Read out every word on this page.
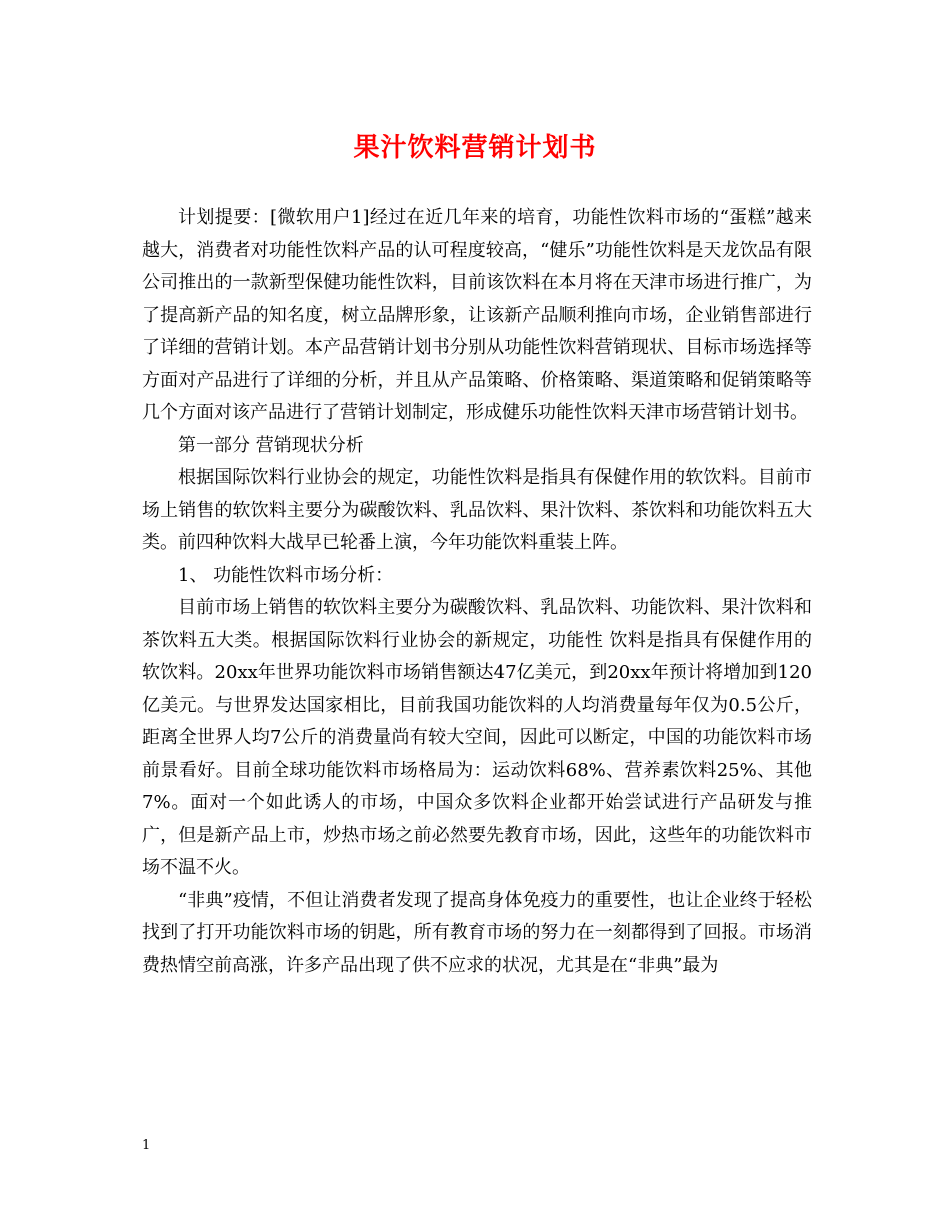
果汁饮料营销计划书

计划提要：[微软用户1]经过在近几年来的培育，功能性饮料市场的“蛋糕”越来越大，消费者对功能性饮料产品的认可程度较高，“健乐”功能性饮料是天龙饮品有限公司推出的一款新型保健功能性饮料，目前该饮料在本月将在天津市场进行推广，为了提高新产品的知名度，树立品牌形象，让该新产品顺利推向市场，企业销售部进行了详细的营销计划。本产品营销计划书分别从功能性饮料营销现状、目标市场选择等方面对产品进行了详细的分析，并且从产品策略、价格策略、渠道策略和促销策略等几个方面对该产品进行了营销计划制定，形成健乐功能性饮料天津市场营销计划书。

第一部分 营销现状分析

根据国际饮料行业协会的规定，功能性饮料是指具有保健作用的软饮料。目前市场上销售的软饮料主要分为碳酸饮料、乳品饮料、果汁饮料、茶饮料和功能饮料五大类。前四种饮料大战早已轮番上演，今年功能饮料重装上阵。

1、 功能性饮料市场分析：

目前市场上销售的软饮料主要分为碳酸饮料、乳品饮料、功能饮料、果汁饮料和茶饮料五大类。根据国际饮料行业协会的新规定，功能性 饮料是指具有保健作用的软饮料。20xx年世界功能饮料市场销售额达47亿美元，到20xx年预计将增加到120亿美元。与世界发达国家相比，目前我国功能饮料的人均消费量每年仅为0.5公斤，距离全世界人均7公斤的消费量尚有较大空间，因此可以断定，中国的功能饮料市场前景看好。目前全球功能饮料市场格局为：运动饮料68%、营养素饮料25%、其他7%。面对一个如此诱人的市场，中国众多饮料企业都开始尝试进行产品研发与推广，但是新产品上市，炒热市场之前必然要先教育市场，因此，这些年的功能饮料市场不温不火。

“非典”疫情，不但让消费者发现了提高身体免疫力的重要性，也让企业终于轻松找到了打开功能饮料市场的钥匙，所有教育市场的努力在一刻都得到了回报。市场消费热情空前高涨，许多产品出现了供不应求的状况，尤其是在“非典”最为

1
